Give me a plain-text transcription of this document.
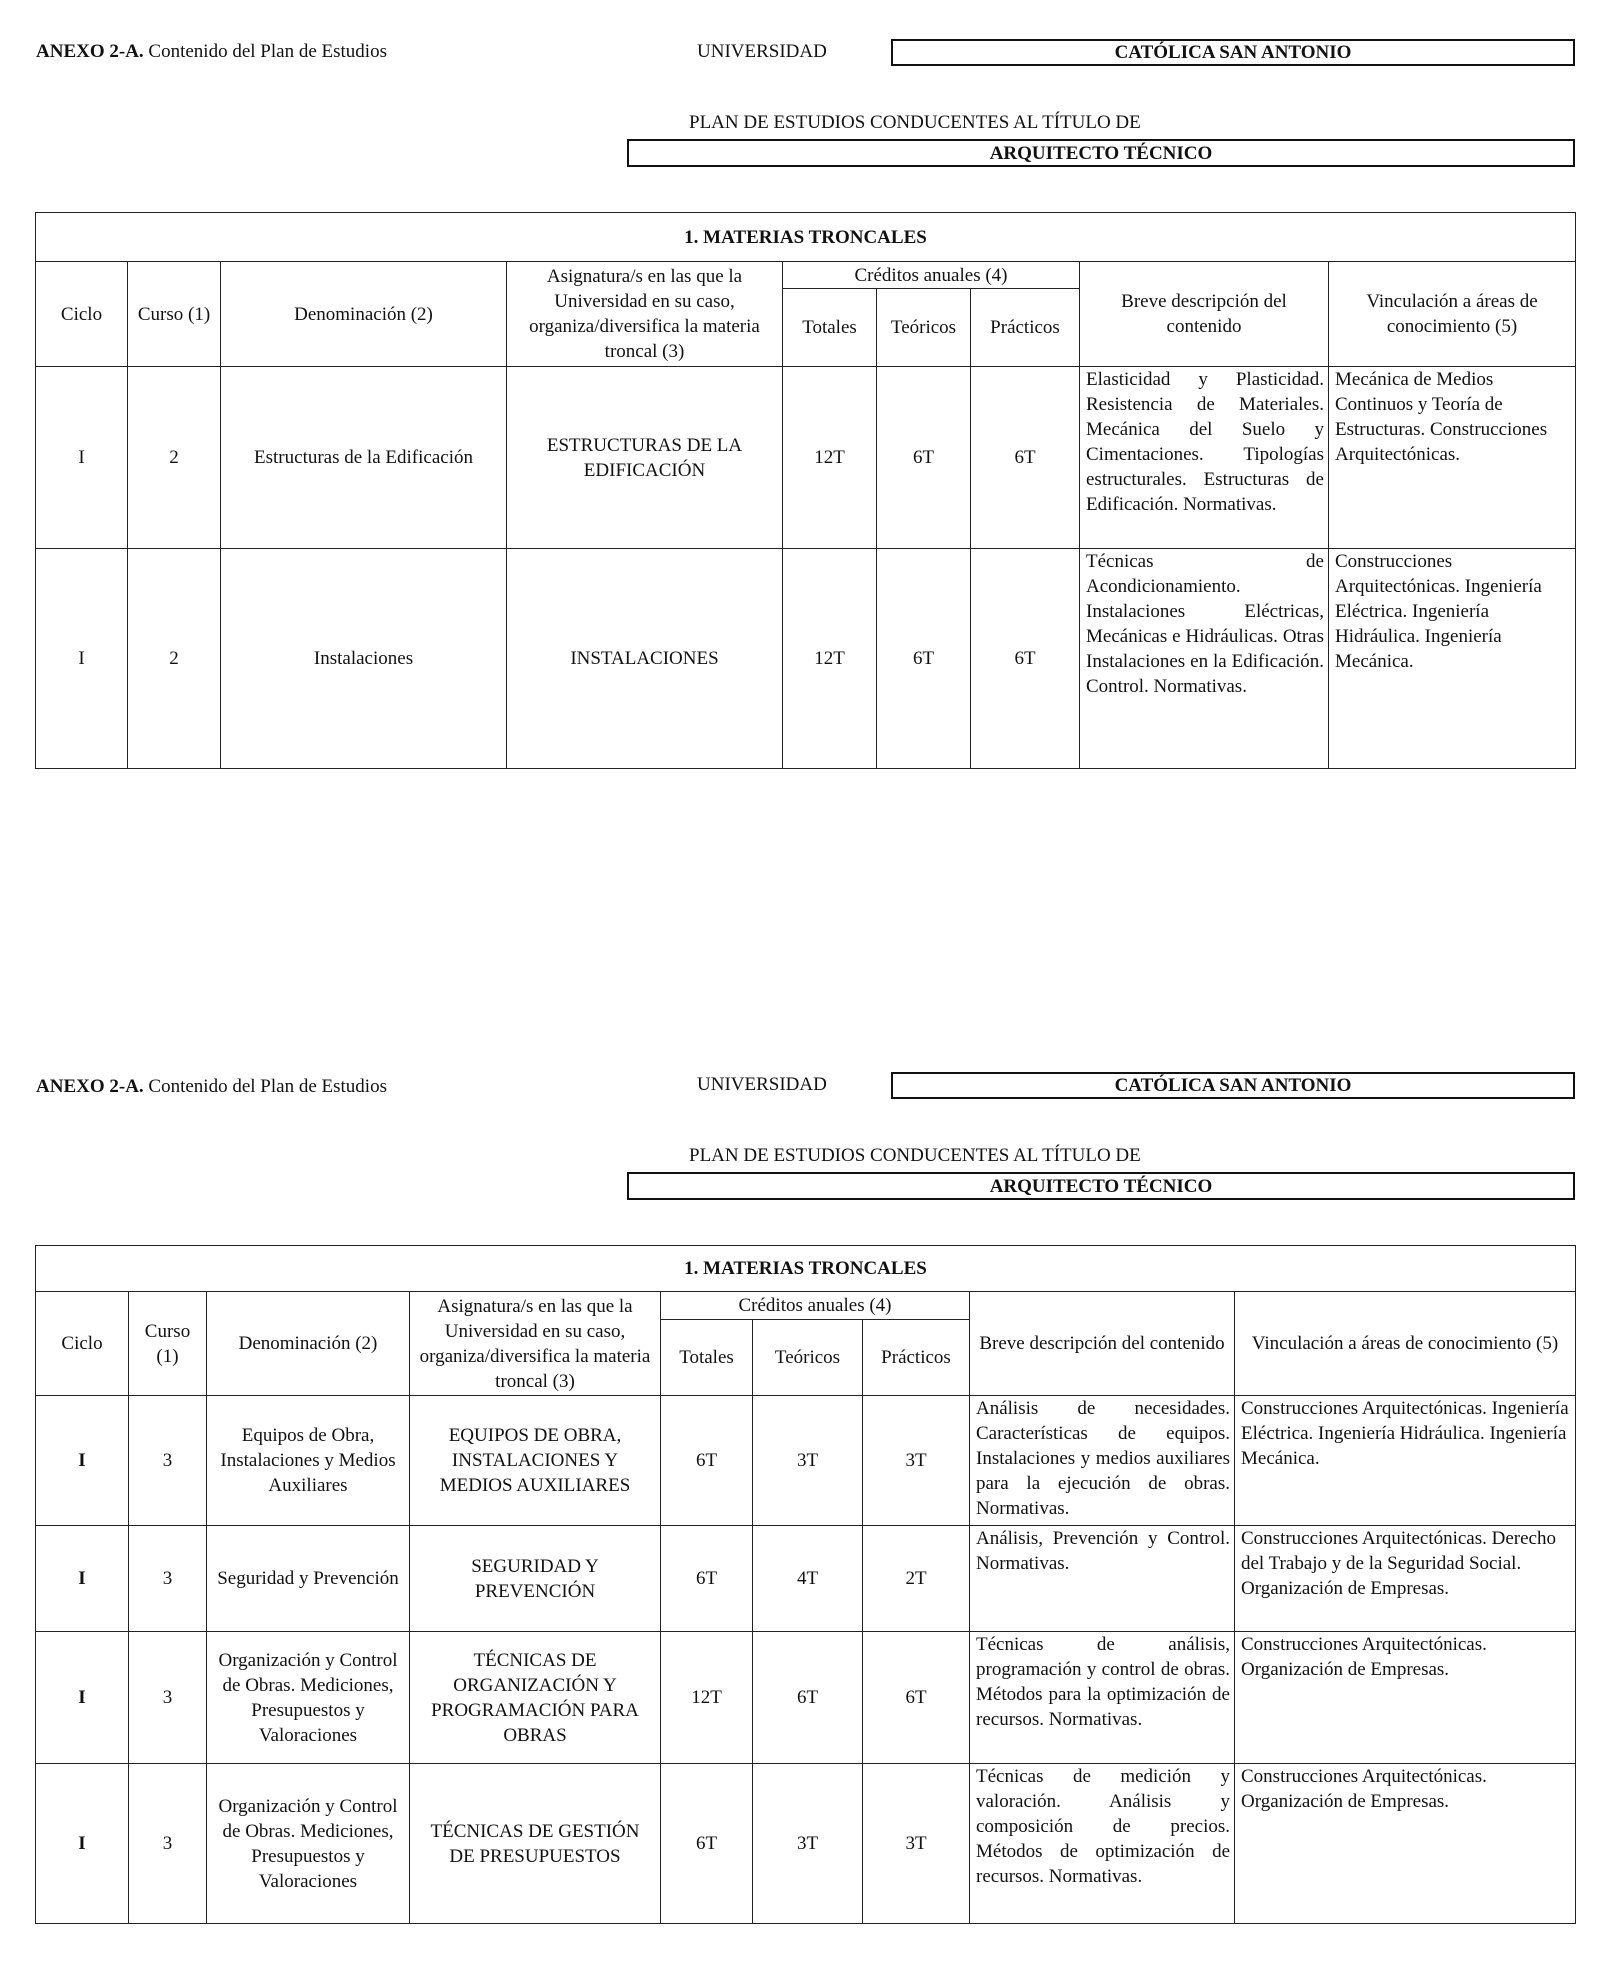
ANEXO 2-A. Contenido del Plan de Estudios	UNIVERSIDAD	CATÓLICA SAN ANTONIO
PLAN DE ESTUDIOS CONDUCENTES AL TÍTULO DE
ARQUITECTO TÉCNICO
1. MATERIAS TRONCALES								
Ciclo	Curso (1)	Denominación (2)	Asignatura/s en las que la Universidad en su caso, organiza/diversifica la materia troncal (3)	Créditos anuales (4)			Breve descripción del contenido	Vinculación a áreas de conocimiento (5)
				Totales	Teóricos	Prácticos		
I	2	Estructuras de la Edificación	ESTRUCTURAS DE LA EDIFICACIÓN	12T	6T	6T	Elasticidad y Plasticidad. Resistencia de Materiales. Mecánica del Suelo y Cimentaciones. Tipologías estructurales. Estructuras de Edificación. Normativas.	Mecánica de Medios Continuos y Teoría de Estructuras. Construcciones Arquitectónicas.
I	2	Instalaciones	INSTALACIONES	12T	6T	6T	Técnicas de Acondicionamiento. Instalaciones Eléctricas, Mecánicas e Hidráulicas. Otras Instalaciones en la Edificación. Control. Normativas.	Construcciones Arquitectónicas. Ingeniería Eléctrica. Ingeniería Hidráulica. Ingeniería Mecánica.
ANEXO 2-A. Contenido del Plan de Estudios	UNIVERSIDAD	CATÓLICA SAN ANTONIO
PLAN DE ESTUDIOS CONDUCENTES AL TÍTULO DE
ARQUITECTO TÉCNICO
1. MATERIAS TRONCALES								
Ciclo	Curso (1)	Denominación (2)	Asignatura/s en las que la Universidad en su caso, organiza/diversifica la materia troncal (3)	Créditos anuales (4)			Breve descripción del contenido	Vinculación a áreas de conocimiento (5)
				Totales	Teóricos	Prácticos		
I	3	Equipos de Obra, Instalaciones y Medios Auxiliares	EQUIPOS DE OBRA, INSTALACIONES Y MEDIOS AUXILIARES	6T	3T	3T	Análisis de necesidades. Características de equipos. Instalaciones y medios auxiliares para la ejecución de obras. Normativas.	Construcciones Arquitectónicas. Ingeniería Eléctrica. Ingeniería Hidráulica. Ingeniería Mecánica.
I	3	Seguridad y Prevención	SEGURIDAD Y PREVENCIÓN	6T	4T	2T	Análisis, Prevención y Control. Normativas.	Construcciones Arquitectónicas. Derecho del Trabajo y de la Seguridad Social. Organización de Empresas.
I	3	Organización y Control de Obras. Mediciones, Presupuestos y Valoraciones	TÉCNICAS DE ORGANIZACIÓN Y PROGRAMACIÓN PARA OBRAS	12T	6T	6T	Técnicas de análisis, programación y control de obras. Métodos para la optimización de recursos. Normativas.	Construcciones Arquitectónicas. Organización de Empresas.
I	3	Organización y Control de Obras. Mediciones, Presupuestos y Valoraciones	TÉCNICAS DE GESTIÓN DE PRESUPUESTOS	6T	3T	3T	Técnicas de medición y valoración. Análisis y composición de precios. Métodos de optimización de recursos. Normativas.	Construcciones Arquitectónicas. Organización de Empresas.
